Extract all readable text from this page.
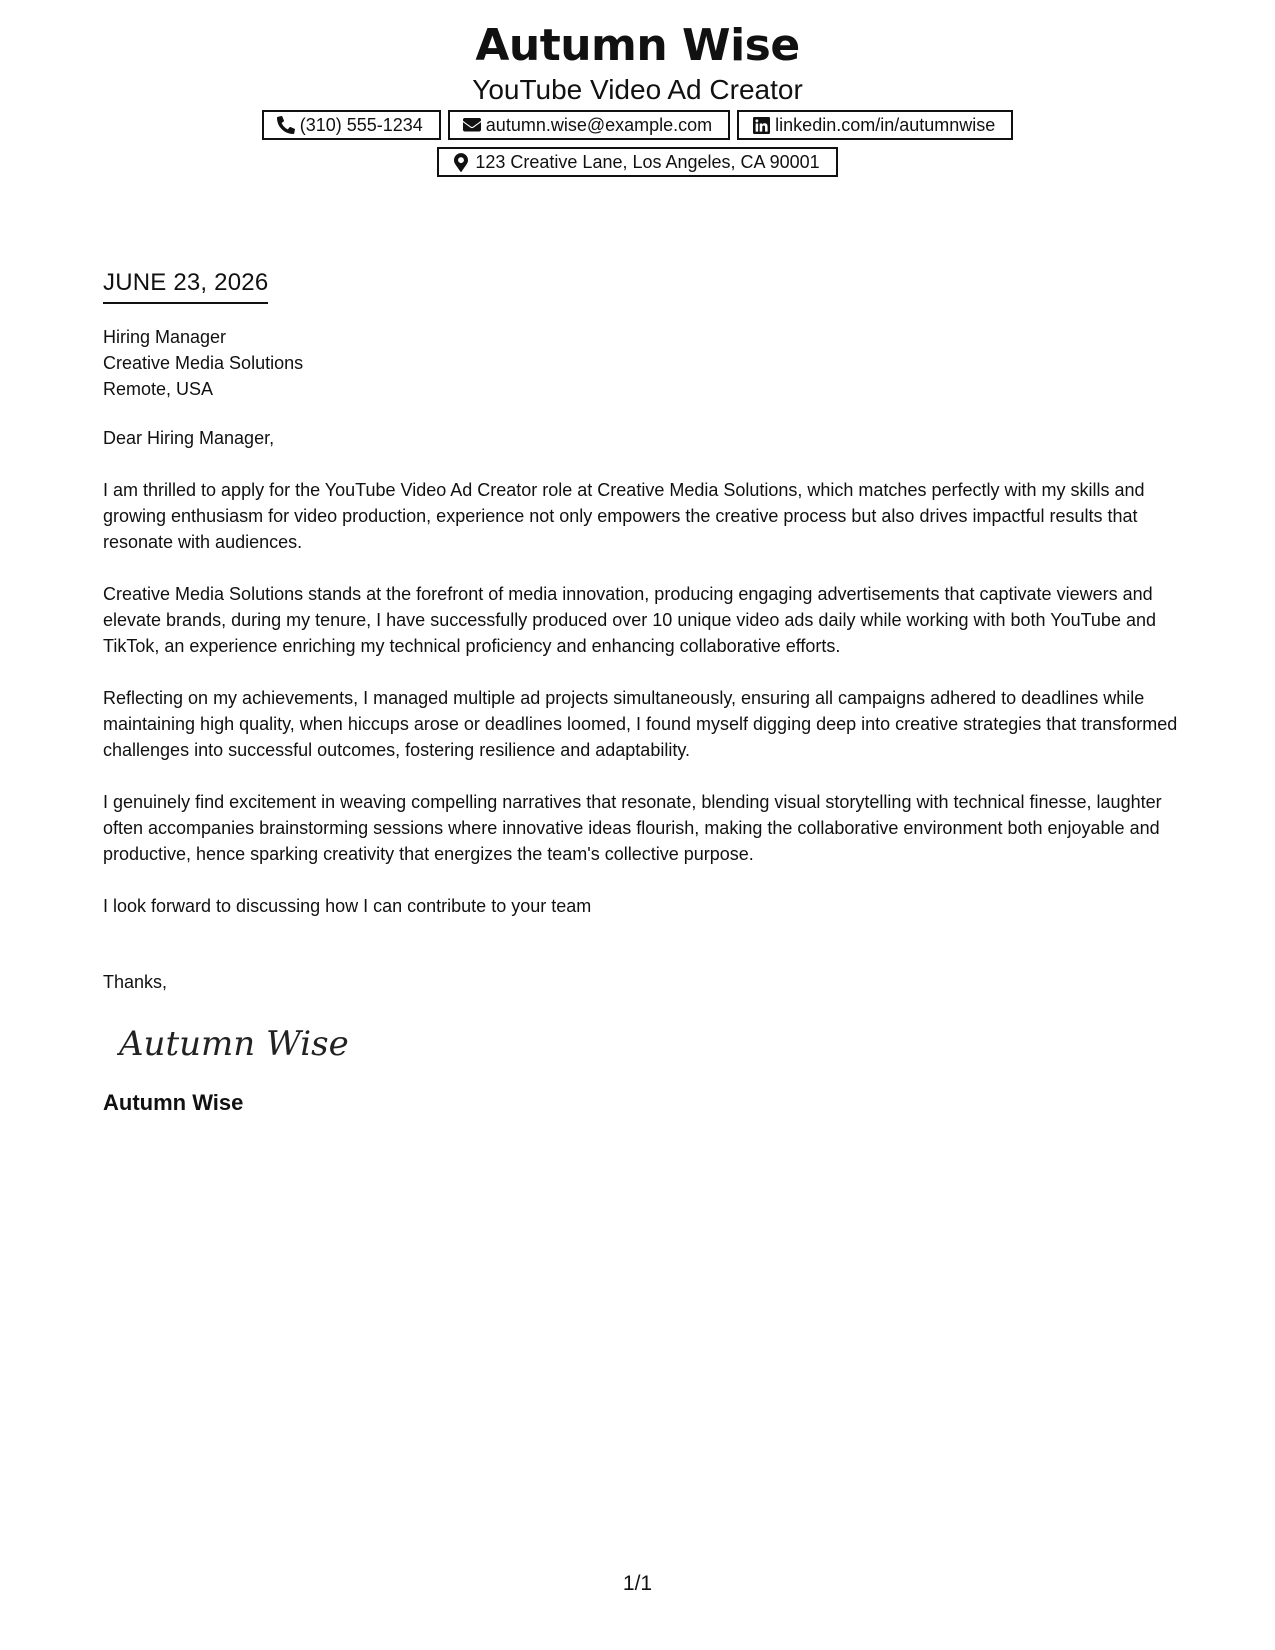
Autumn Wise
YouTube Video Ad Creator
(310) 555-1234	autumn.wise@example.com	linkedin.com/in/autumnwise
123 Creative Lane, Los Angeles, CA 90001
JUNE 23, 2026
Hiring Manager
Creative Media Solutions
Remote, USA
Dear Hiring Manager,

I am thrilled to apply for the YouTube Video Ad Creator role at Creative Media Solutions, which matches perfectly with my skills and growing enthusiasm for video production, experience not only empowers the creative process but also drives impactful results that resonate with audiences.

Creative Media Solutions stands at the forefront of media innovation, producing engaging advertisements that captivate viewers and elevate brands, during my tenure, I have successfully produced over 10 unique video ads daily while working with both YouTube and TikTok, an experience enriching my technical proficiency and enhancing collaborative efforts.

Reflecting on my achievements, I managed multiple ad projects simultaneously, ensuring all campaigns adhered to deadlines while maintaining high quality, when hiccups arose or deadlines loomed, I found myself digging deep into creative strategies that transformed challenges into successful outcomes, fostering resilience and adaptability.

I genuinely find excitement in weaving compelling narratives that resonate, blending visual storytelling with technical finesse, laughter often accompanies brainstorming sessions where innovative ideas flourish, making the collaborative environment both enjoyable and productive, hence sparking creativity that energizes the team's collective purpose.

I look forward to discussing how I can contribute to your team
Thanks,
Autumn Wise
Autumn Wise
1/1
